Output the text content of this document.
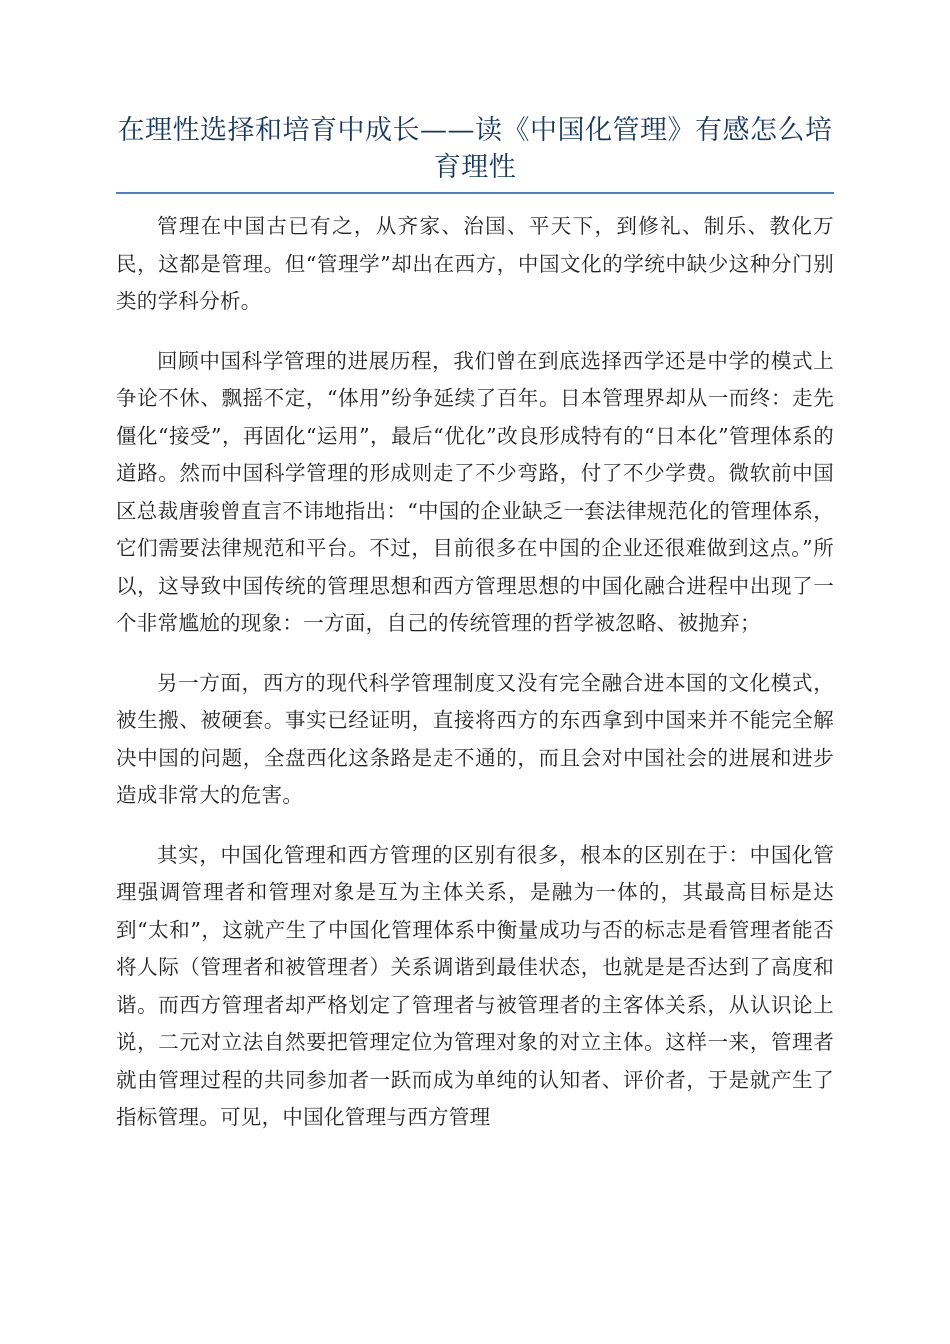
在理性选择和培育中成长——读《中国化管理》有感怎么培育理性

管理在中国古已有之，从齐家、治国、平天下，到修礼、制乐、教化万民，这都是管理。但“管理学”却出在西方，中国文化的学统中缺少这种分门别类的学科分析。

回顾中国科学管理的进展历程，我们曾在到底选择西学还是中学的模式上争论不休、飘摇不定，“体用”纷争延续了百年。日本管理界却从一而终：走先僵化“接受”，再固化“运用”，最后“优化”改良形成特有的“日本化”管理体系的道路。然而中国科学管理的形成则走了不少弯路，付了不少学费。微软前中国区总裁唐骏曾直言不讳地指出：“中国的企业缺乏一套法律规范化的管理体系，它们需要法律规范和平台。不过，目前很多在中国的企业还很难做到这点。”所以，这导致中国传统的管理思想和西方管理思想的中国化融合进程中出现了一个非常尴尬的现象：一方面，自己的传统管理的哲学被忽略、被抛弃；

另一方面，西方的现代科学管理制度又没有完全融合进本国的文化模式，被生搬、被硬套。事实已经证明，直接将西方的东西拿到中国来并不能完全解决中国的问题，全盘西化这条路是走不通的，而且会对中国社会的进展和进步造成非常大的危害。

其实，中国化管理和西方管理的区别有很多，根本的区别在于：中国化管理强调管理者和管理对象是互为主体关系，是融为一体的，其最高目标是达到“太和”，这就产生了中国化管理体系中衡量成功与否的标志是看管理者能否将人际（管理者和被管理者）关系调谐到最佳状态，也就是是否达到了高度和谐。而西方管理者却严格划定了管理者与被管理者的主客体关系，从认识论上说，二元对立法自然要把管理定位为管理对象的对立主体。这样一来，管理者就由管理过程的共同参加者一跃而成为单纯的认知者、评价者，于是就产生了指标管理。可见，中国化管理与西方管理
